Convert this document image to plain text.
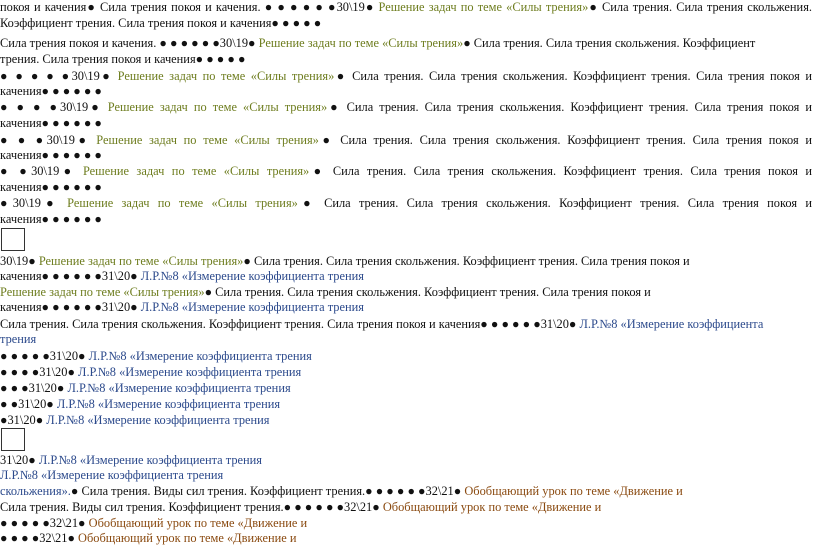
покоя и качения● Сила трения покоя и качения. ● ● ● ● ● ●30\19● Решение задач по теме «Силы трения»● Сила трения. Сила трения скольжения.
Коэффициент трения. Сила трения покоя и качения● ● ● ● ●
Сила трения покоя и качения. ● ● ● ● ● ●30\19● Решение задач по теме «Силы трения»● Сила трения. Сила трения скольжения. Коэффициент
трения. Сила трения покоя и качения● ● ● ● ●
● ● ● ● ●30\19● Решение задач по теме «Силы трения»● Сила трения. Сила трения скольжения. Коэффициент трения. Сила трения покоя и
качения● ● ● ● ● ●
● ● ● ●30\19● Решение задач по теме «Силы трения»● Сила трения. Сила трения скольжения. Коэффициент трения. Сила трения покоя и
качения● ● ● ● ● ●
● ● ●30\19● Решение задач по теме «Силы трения»● Сила трения. Сила трения скольжения. Коэффициент трения. Сила трения покоя и
качения● ● ● ● ● ●
● ●30\19● Решение задач по теме «Силы трения»● Сила трения. Сила трения скольжения. Коэффициент трения. Сила трения покоя и
качения● ● ● ● ● ●
●30\19● Решение задач по теме «Силы трения»● Сила трения. Сила трения скольжения. Коэффициент трения. Сила трения покоя и
качения● ● ● ● ● ●
30\19● Решение задач по теме «Силы трения»● Сила трения. Сила трения скольжения. Коэффициент трения. Сила трения покоя и
качения● ● ● ● ● ●31\20● Л.Р.№8 «Измерение коэффициента трения
Решение задач по теме «Силы трения»● Сила трения. Сила трения скольжения. Коэффициент трения. Сила трения покоя и
качения● ● ● ● ● ●31\20● Л.Р.№8 «Измерение коэффициента трения
Сила трения. Сила трения скольжения. Коэффициент трения. Сила трения покоя и качения● ● ● ● ● ●31\20● Л.Р.№8 «Измерение коэффициента
трения
● ● ● ● ●31\20● Л.Р.№8 «Измерение коэффициента трения
● ● ● ●31\20● Л.Р.№8 «Измерение коэффициента трения
● ● ●31\20● Л.Р.№8 «Измерение коэффициента трения
● ●31\20● Л.Р.№8 «Измерение коэффициента трения
●31\20● Л.Р.№8 «Измерение коэффициента трения
31\20● Л.Р.№8 «Измерение коэффициента трения
Л.Р.№8 «Измерение коэффициента трения
скольжения».● Сила трения. Виды сил трения. Коэффициент трения.● ● ● ● ● ●32\21● Обобщающий урок по теме «Движение и
Сила трения. Виды сил трения. Коэффициент трения.● ● ● ● ● ●32\21● Обобщающий урок по теме «Движение и
● ● ● ● ●32\21● Обобщающий урок по теме «Движение и
● ● ● ●32\21● Обобщающий урок по теме «Движение и
